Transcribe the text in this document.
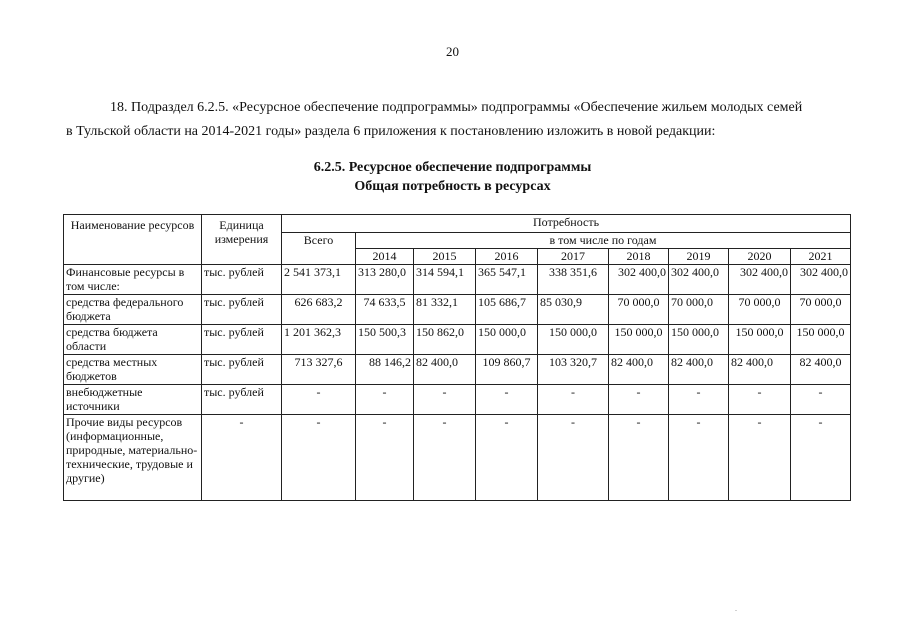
20
18. Подраздел 6.2.5. «Ресурсное обеспечение подпрограммы» подпрограммы «Обеспечение жильем молодых семей
в Тульской области на 2014-2021 годы» раздела 6 приложения к постановлению изложить в новой редакции:
6.2.5. Ресурсное обеспечение подпрограммы
Общая потребность в ресурсах
Наименование ресурсов	Единица измерения	Потребность								
		Всего	в том числе по годам							
			2014	2015	2016	2017	2018	2019	2020	2021
Финансовые ресурсы в том числе:	тыс. рублей	2 541 373,1	313 280,0	314 594,1	365 547,1	338 351,6	302 400,0	302 400,0	302 400,0	302 400,0
средства федерального бюджета	тыс. рублей	626 683,2	74 633,5	81 332,1	105 686,7	85 030,9	70 000,0	70 000,0	70 000,0	70 000,0
средства бюджета области	тыс. рублей	1 201 362,3	150 500,3	150 862,0	150 000,0	150 000,0	150 000,0	150 000,0	150 000,0	150 000,0
средства местных бюджетов	тыс. рублей	713 327,6	88 146,2	82 400,0	109 860,7	103 320,7	82 400,0	82 400,0	82 400,0	82 400,0
внебюджетные источники	тыс. рублей	-	-	-	-	-	-	-	-	-
Прочие виды ресурсов (информационные, природные, материально-технические, трудовые и другие)	-	-	-	-	-	-	-	-	-	-
.
